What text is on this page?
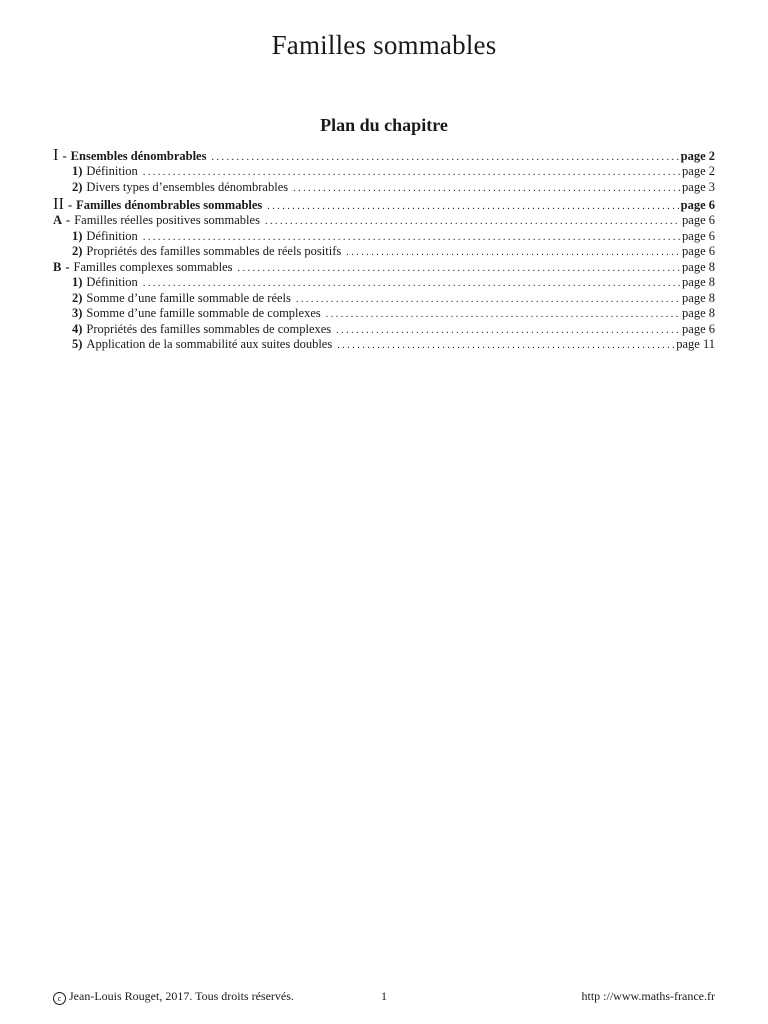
Familles sommables
Plan du chapitre
I - Ensembles dénombrables . . .	page 2
1) Définition . . .	page 2
2) Divers types d’ensembles dénombrables . . .	page 3
II - Familles dénombrables sommables . . .	page 6
A - Familles réelles positives sommables . . .	page 6
1) Définition . . .	page 6
2) Propriétés des familles sommables de réels positifs . . .	page 6
B - Familles complexes sommables . . .	page 8
1) Définition . . .	page 8
2) Somme d’une famille sommable de réels . . .	page 8
3) Somme d’une famille sommable de complexes . . .	page 8
4) Propriétés des familles sommables de complexes . . .	page 6
5) Application de la sommabilité aux suites doubles . . .	page 11
c Jean-Louis Rouget, 2017. Tous droits réservés.	1	http ://www.maths-france.fr
